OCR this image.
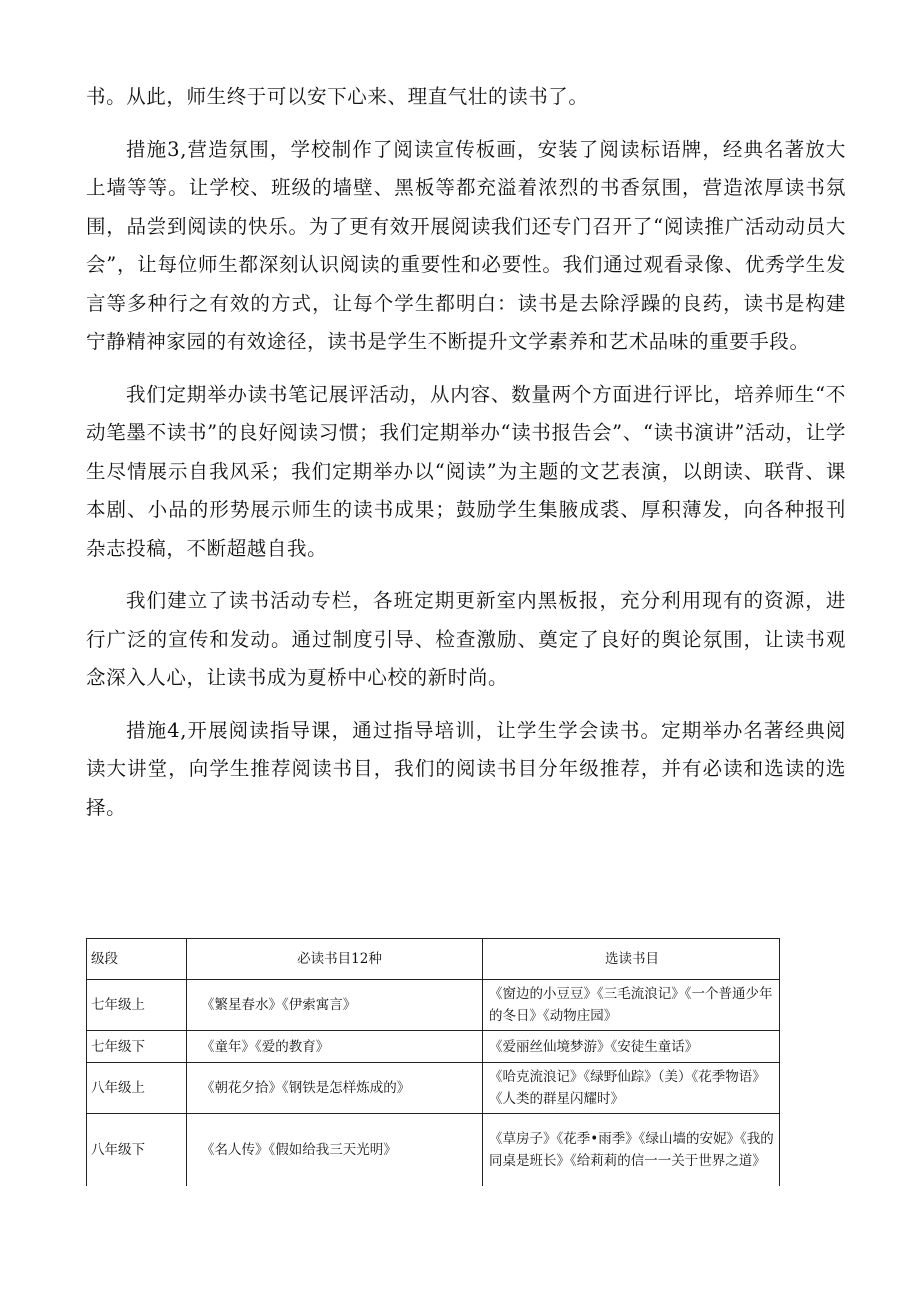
书。从此，师生终于可以安下心来、理直气壮的读书了。

措施3,营造氛围，学校制作了阅读宣传板画，安装了阅读标语牌，经典名著放大上墙等等。让学校、班级的墙壁、黑板等都充溢着浓烈的书香氛围，营造浓厚读书氛围，品尝到阅读的快乐。为了更有效开展阅读我们还专门召开了“阅读推广活动动员大会”，让每位师生都深刻认识阅读的重要性和必要性。我们通过观看录像、优秀学生发言等多种行之有效的方式，让每个学生都明白：读书是去除浮躁的良药，读书是构建宁静精神家园的有效途径，读书是学生不断提升文学素养和艺术品味的重要手段。

我们定期举办读书笔记展评活动，从内容、数量两个方面进行评比，培养师生“不动笔墨不读书”的良好阅读习惯；我们定期举办“读书报告会”、“读书演讲”活动，让学生尽情展示自我风采；我们定期举办以“阅读”为主题的文艺表演，以朗读、联背、课本剧、小品的形势展示师生的读书成果；鼓励学生集腋成裘、厚积薄发，向各种报刊杂志投稿，不断超越自我。

我们建立了读书活动专栏，各班定期更新室内黑板报，充分利用现有的资源，进行广泛的宣传和发动。通过制度引导、检查激励、奠定了良好的舆论氛围，让读书观念深入人心，让读书成为夏桥中心校的新时尚。

措施4,开展阅读指导课，通过指导培训，让学生学会读书。定期举办名著经典阅读大讲堂，向学生推荐阅读书目，我们的阅读书目分年级推荐，并有必读和选读的选择。

级段	必读书目12种	选读书目
七年级上	《繁星春水》《伊索寓言》	《窗边的小豆豆》《三毛流浪记》《一个普通少年的冬日》《动物庄园》
七年级下	《童年》《爱的教育》	《爱丽丝仙境梦游》《安徒生童话》
八年级上	《朝花夕拾》《钢铁是怎样炼成的》	《哈克流浪记》《绿野仙踪》（美）《花季物语》《人类的群星闪耀时》
八年级下	《名人传》《假如给我三天光明》	《草房子》《花季•雨季》《绿山墙的安妮》《我的同桌是班长》《给莉莉的信一一关于世界之道》
